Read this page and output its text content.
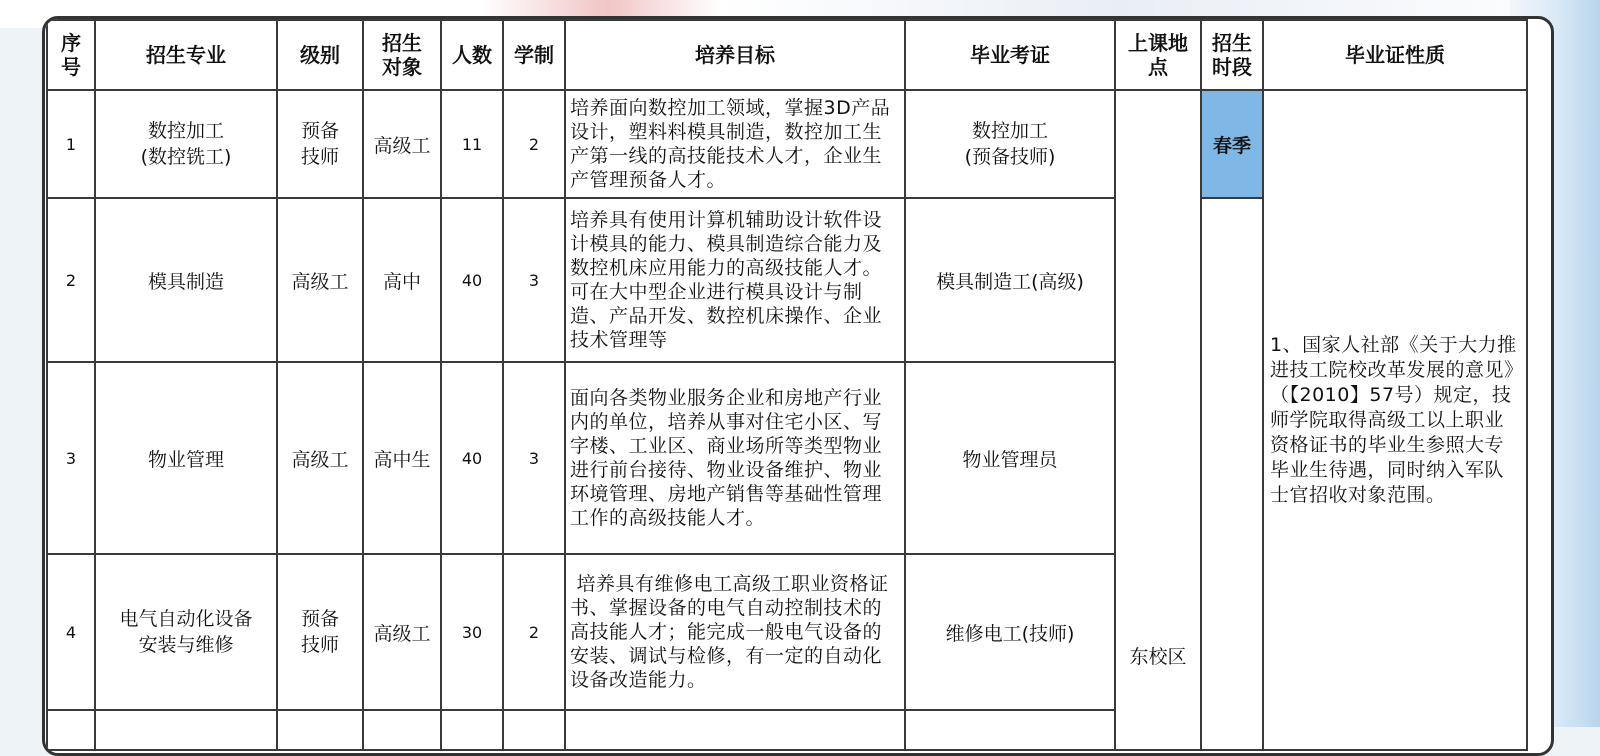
序
号	招生专业	级别	招生
对象	人数	学制	培养目标	毕业考证	上课地
点	招生
时段	毕业证性质
1	数控加工
(数控铣工)	预备
技师	高级工	11	2	培养面向数控加工领域，掌握3D产品设计，塑料料模具制造，数控加工生产第一线的高技能技术人才，企业生产管理预备人才。	数控加工
(预备技师)	东校区	春季	1、国家人社部《关于大力推进技工院校改革发展的意见》（【2010】57号）规定，技师学院取得高级工以上职业资格证书的毕业生参照大专毕业生待遇，同时纳入军队士官招收对象范围。
2	模具制造	高级工	高中	40	3	培养具有使用计算机辅助设计软件设计模具的能力、模具制造综合能力及数控机床应用能力的高级技能人才。可在大中型企业进行模具设计与制造、产品开发、数控机床操作、企业技术管理等	模具制造工(高级)			
3	物业管理	高级工	高中生	40	3	面向各类物业服务企业和房地产行业内的单位，培养从事对住宅小区、写字楼、工业区、商业场所等类型物业进行前台接待、物业设备维护、物业环境管理、房地产销售等基础性管理工作的高级技能人才。	物业管理员			
4	电气自动化设备
安装与维修	预备
技师	高级工	30	2	培养具有维修电工高级工职业资格证书、掌握设备的电气自动控制技术的高技能人才；能完成一般电气设备的安装、调试与检修，有一定的自动化设备改造能力。	维修电工(技师)			
